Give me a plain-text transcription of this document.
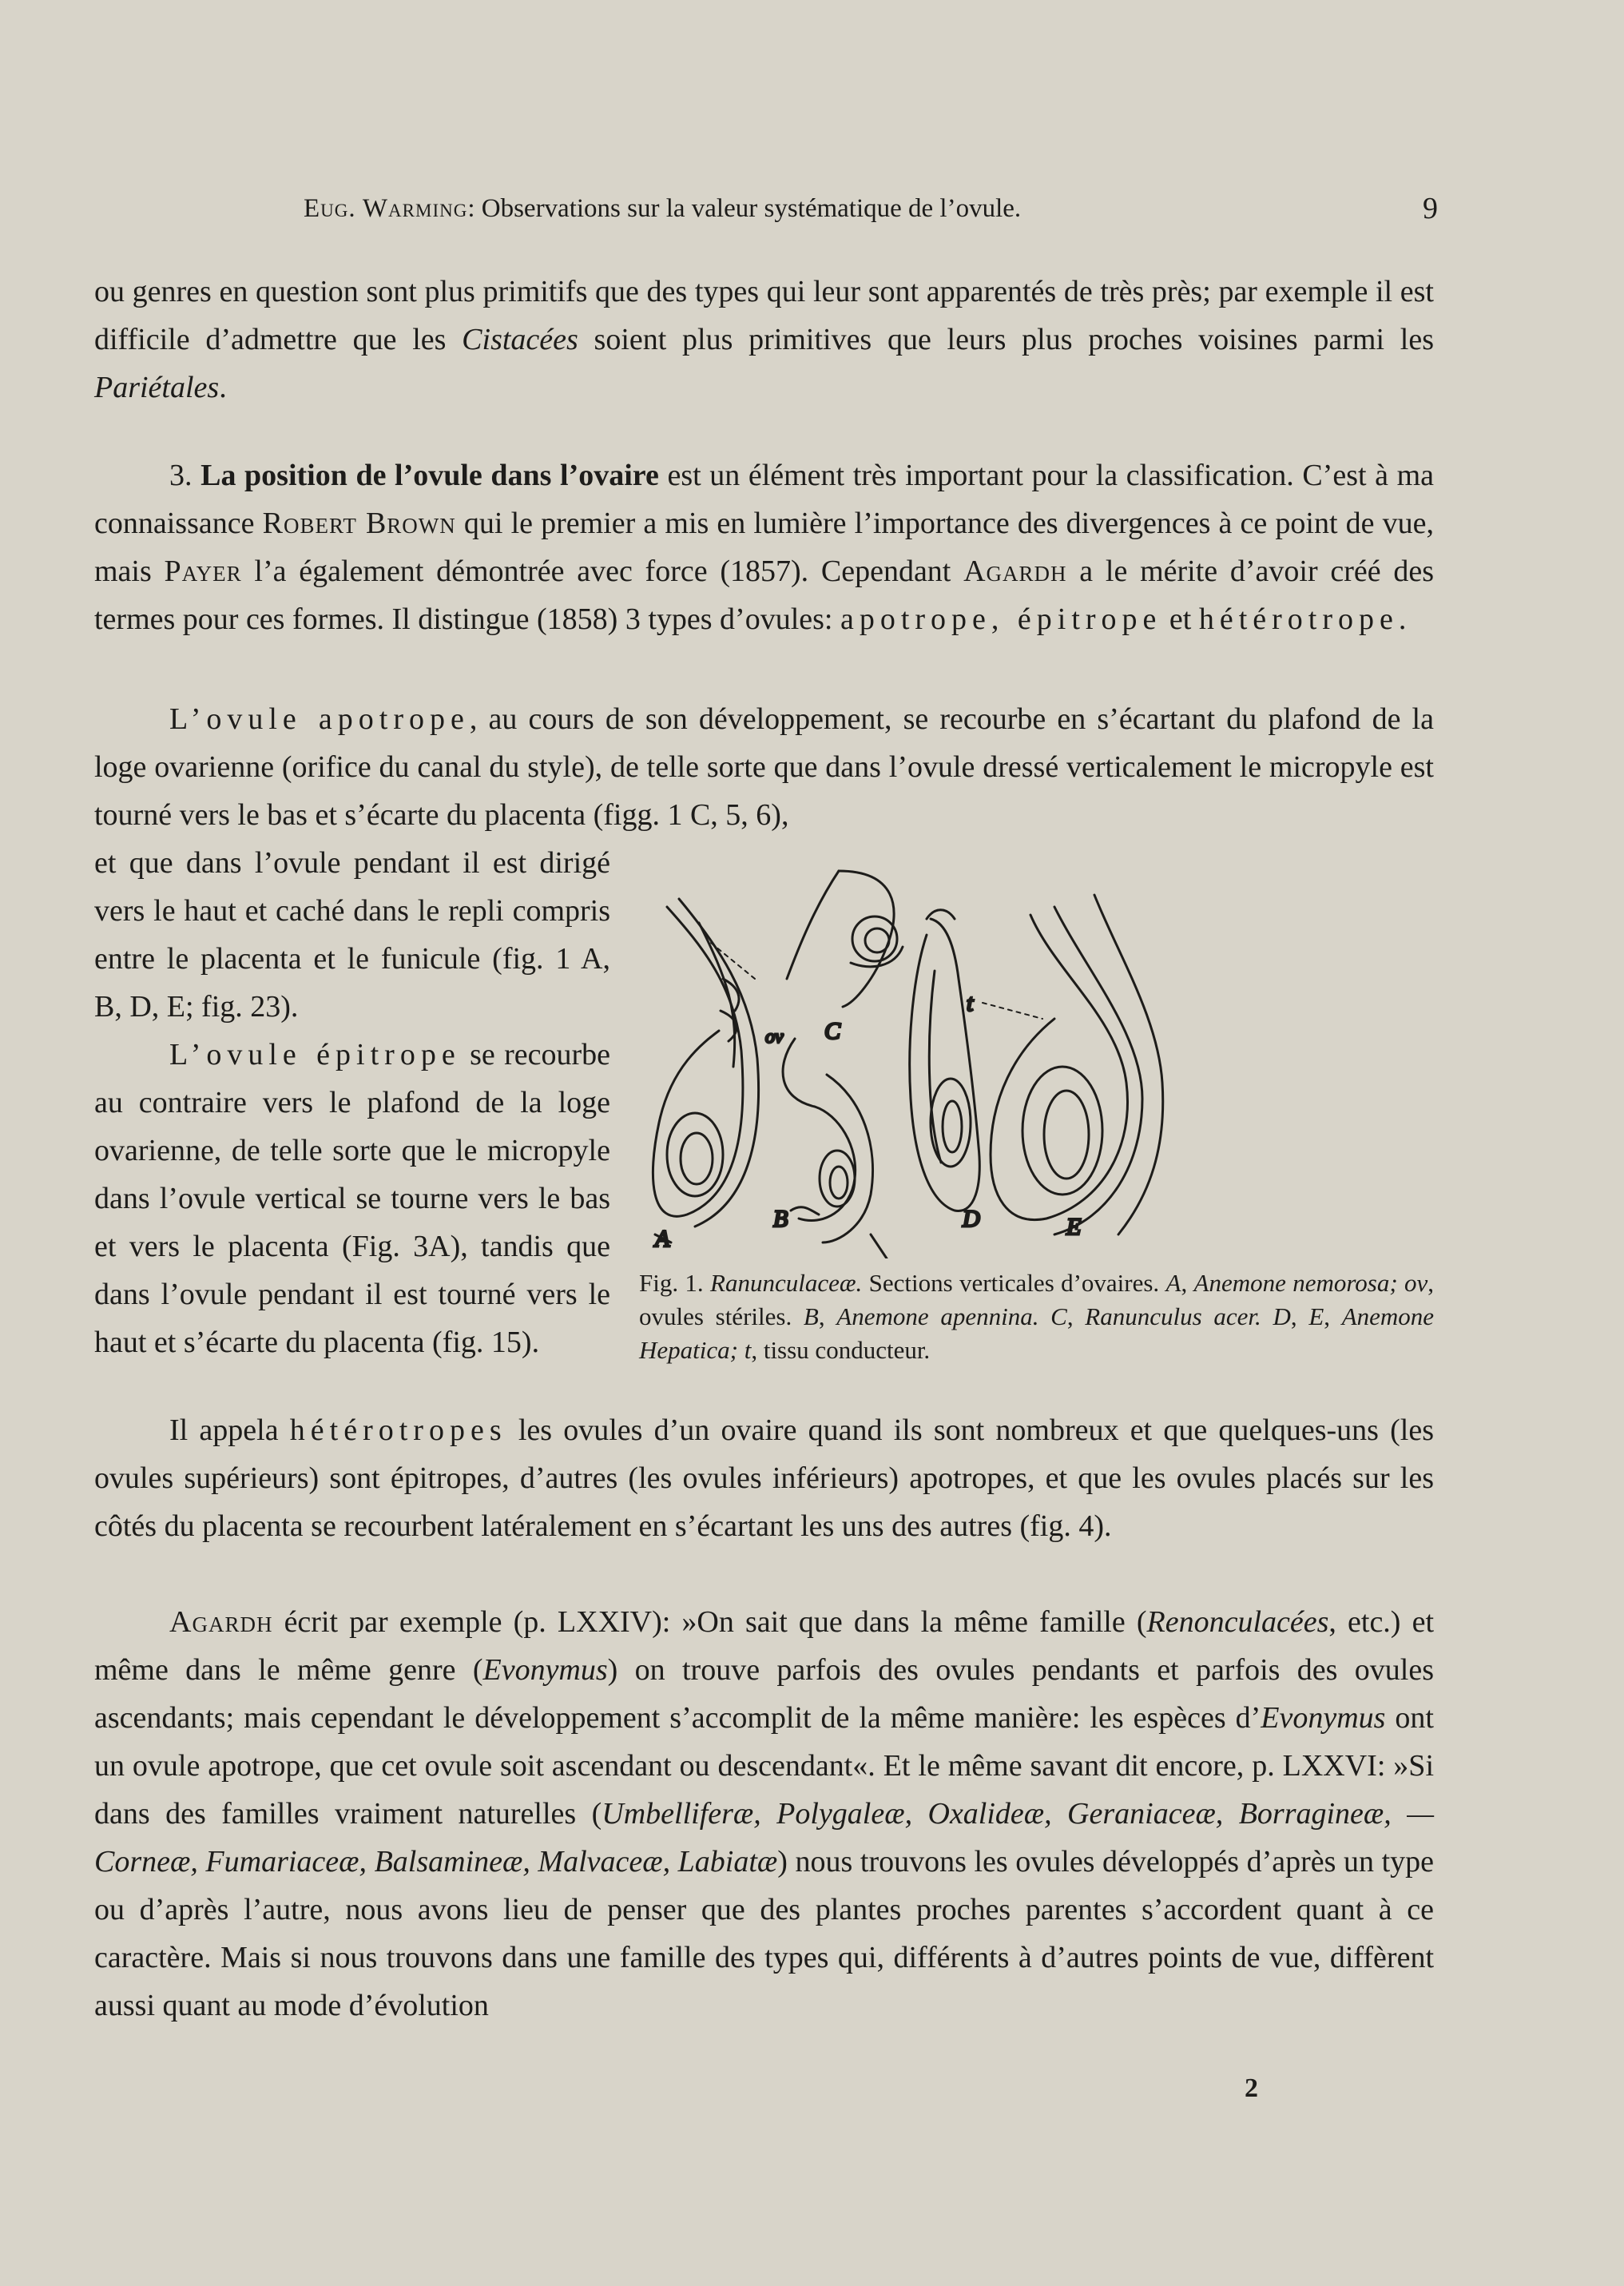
Eug. Warming: Observations sur la valeur systématique de l’ovule.	9

ou genres en question sont plus primitifs que des types qui leur sont apparentés de très près; par exemple il est difficile d’admettre que les Cistacées soient plus primitives que leurs plus proches voisines parmi les Pariétales.

3. La position de l’ovule dans l’ovaire est un élément très important pour la classification. C’est à ma connaissance Robert Brown qui le premier a mis en lumière l’importance des divergences à ce point de vue, mais Payer l’a également démontrée avec force (1857). Cependant Agardh a le mérite d’avoir créé des termes pour ces formes. Il distingue (1858) 3 types d’ovules: apotrope, épitrope et hétérotrope.

L’ovule apotrope, au cours de son développement, se recourbe en s’écartant du plafond de la loge ovarienne (orifice du canal du style), de telle sorte que dans l’ovule dressé verticalement le micropyle est tourné vers le bas et s’écarte du placenta (figg. 1 C, 5, 6),

et que dans l’ovule pendant il est dirigé vers le haut et caché dans le repli compris entre le placenta et le funicule (fig. 1 A, B, D, E; fig. 23).

L’ovule épitrope se recourbe au contraire vers le plafond de la loge ovarienne, de telle sorte que le micropyle dans l’ovule vertical se tourne vers le bas et vers le placenta (Fig. 3A), tandis que dans l’ovule pendant il est tourné vers le haut et s’écarte du placenta (fig. 15).

A
B
C
D	E
ov
t
Fig. 1. Ranunculaceæ. Sections verticales d’ovaires. A, Anemone nemorosa; ov, ovules stériles. B, Anemone apennina. C, Ranunculus acer. D, E, Anemone Hepatica; t, tissu conducteur.

Il appela hétérotropes les ovules d’un ovaire quand ils sont nombreux et que quelques-uns (les ovules supérieurs) sont épitropes, d’autres (les ovules inférieurs) apotropes, et que les ovules placés sur les côtés du placenta se recourbent latéralement en s’écartant les uns des autres (fig. 4).

Agardh écrit par exemple (p. LXXIV): »On sait que dans la même famille (Renonculacées, etc.) et même dans le même genre (Evonymus) on trouve parfois des ovules pendants et parfois des ovules ascendants; mais cependant le développement s’accomplit de la même manière: les espèces d’Evonymus ont un ovule apotrope, que cet ovule soit ascendant ou descendant«. Et le même savant dit encore, p. LXXVI: »Si dans des familles vraiment naturelles (Umbelliferæ, Polygaleæ, Oxalideæ, Geraniaceæ, Borragineæ, — Corneæ, Fumariaceæ, Balsamineæ, Malvaceæ, Labiatæ) nous trouvons les ovules développés d’après un type ou d’après l’autre, nous avons lieu de penser que des plantes proches parentes s’accordent quant à ce caractère. Mais si nous trouvons dans une famille des types qui, différents à d’autres points de vue, diffèrent aussi quant au mode d’évolution

2
